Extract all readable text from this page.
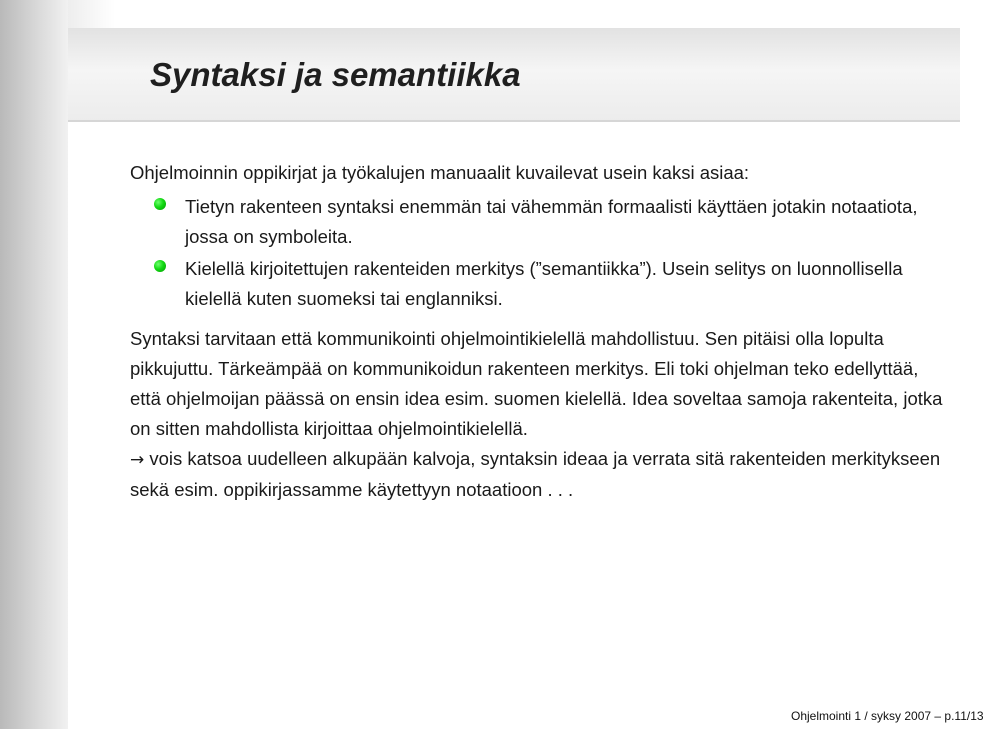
Syntaksi ja semantiikka

Ohjelmoinnin oppikirjat ja työkalujen manuaalit kuvailevat usein kaksi asiaa:

Tietyn rakenteen syntaksi enemmän tai vähemmän formaalisti käyttäen jotakin notaatiota, jossa on symboleita.
Kielellä kirjoitettujen rakenteiden merkitys (”semantiikka”). Usein selitys on luonnollisella kielellä kuten suomeksi tai englanniksi.

Syntaksi tarvitaan että kommunikointi ohjelmointikielellä mahdollistuu. Sen pitäisi olla lopulta pikkujuttu. Tärkeämpää on kommunikoidun rakenteen merkitys. Eli toki ohjelman teko edellyttää, että ohjelmoijan päässä on ensin idea esim. suomen kielellä. Idea soveltaa samoja rakenteita, jotka on sitten mahdollista kirjoittaa ohjelmointikielellä.

→ vois katsoa uudelleen alkupään kalvoja, syntaksin ideaa ja verrata sitä rakenteiden merkitykseen sekä esim. oppikirjassamme käytettyyn notaatioon . . .

Ohjelmointi 1 / syksy 2007 – p.11/13
